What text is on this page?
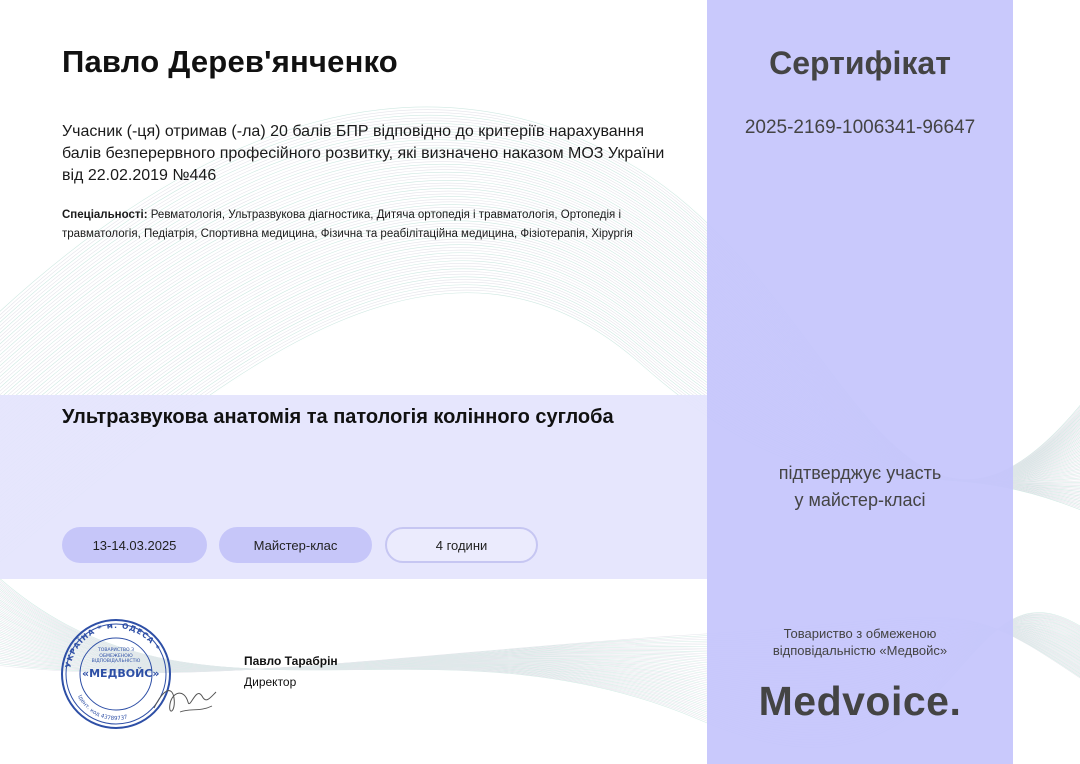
Павло Дерев'янченко

Учасник (-ця) отримав (-ла) 20 балів БПР відповідно до критеріїв нарахування балів безперервного професійного розвитку, які визначено наказом МОЗ України від 22.02.2019 №446

Спеціальності: Ревматологія, Ультразвукова діагностика, Дитяча ортопедія і травматологія, Ортопедія і травматологія, Педіатрія, Спортивна медицина, Фізична та реабілітаційна медицина, Фізіотерапія, Хірургія

Ультразвукова анатомія та патологія колінного суглоба
13-14.03.2025	Майстер-клас	4 години
УКРАЇНА * м. ОДЕСА *
Ідент. код 43789737
ТОВАРИСТВО З ОБМЕЖЕНОЮ ВІДПОВІДАЛЬНІСТЮ
«МЕДВОЙС»
Павло Тарабрін
Директор
Сертифікат
2025-2169-1006341-96647
підтверджує участь
у майстер-класі
Товариство з обмеженою
відповідальністю «Медвойс»
Medvoice.
